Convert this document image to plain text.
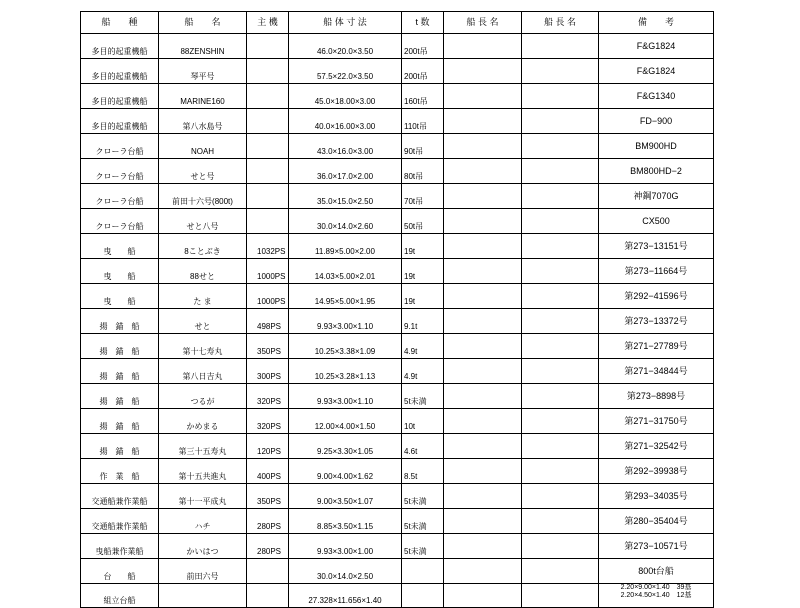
船　　種	船　　名	主 機	船 体 寸 法	t 数	船 長 名	船 長 名	備　　考
多目的起重機船	88ZENSHIN		46.0×20.0×3.50	200t吊			F&G1824
多目的起重機船	琴平号		57.5×22.0×3.50	200t吊			F&G1824
多目的起重機船	MARINE160		45.0×18.00×3.00	160t吊			F&G1340
多目的起重機船	第八水島号		40.0×16.00×3.00	110t吊			FD−900
クローラ台船	NOAH		43.0×16.0×3.00	90t吊			BM900HD
クローラ台船	せと号		36.0×17.0×2.00	80t吊			BM800HD−2
クローラ台船	前田十六号(800t)		35.0×15.0×2.50	70t吊			神鋼7070G
クローラ台船	せと八号		30.0×14.0×2.60	50t吊			CX500
曳　　船	8ことぶき	1032PS	11.89×5.00×2.00	19t			第273−13151号
曳　　船	88せと	1000PS	14.03×5.00×2.01	19t			第273−11664号
曳　　船	た ま	1000PS	14.95×5.00×1.95	19t			第292−41596号
揚　錨　船	せと	498PS	9.93×3.00×1.10	9.1t			第273−13372号
揚　錨　船	第十七寿丸	350PS	10.25×3.38×1.09	4.9t			第271−27789号
揚　錨　船	第八日吉丸	300PS	10.25×3.28×1.13	4.9t			第271−34844号
揚　錨　船	つるが	320PS	9.93×3.00×1.10	5t未満			第273−8898号
揚　錨　船	かめまる	320PS	12.00×4.00×1.50	10t			第271−31750号
揚　錨　船	第三十五寿丸	120PS	9.25×3.30×1.05	4.6t			第271−32542号
作　業　船	第十五共進丸	400PS	9.00×4.00×1.62	8.5t			第292−39938号
交通船兼作業船	第十一平成丸	350PS	9.00×3.50×1.07	5t未満			第293−34035号
交通船兼作業船	ハチ	280PS	8.85×3.50×1.15	5t未満			第280−35404号
曳船兼作業船	かいはつ	280PS	9.93×3.00×1.00	5t未満			第273−10571号
台　　船	前田六号		30.0×14.0×2.50				800t台船
組立台船			27.328×11.656×1.40				2.20×9.00×1.40　39基
2.20×4.50×1.40　12基
